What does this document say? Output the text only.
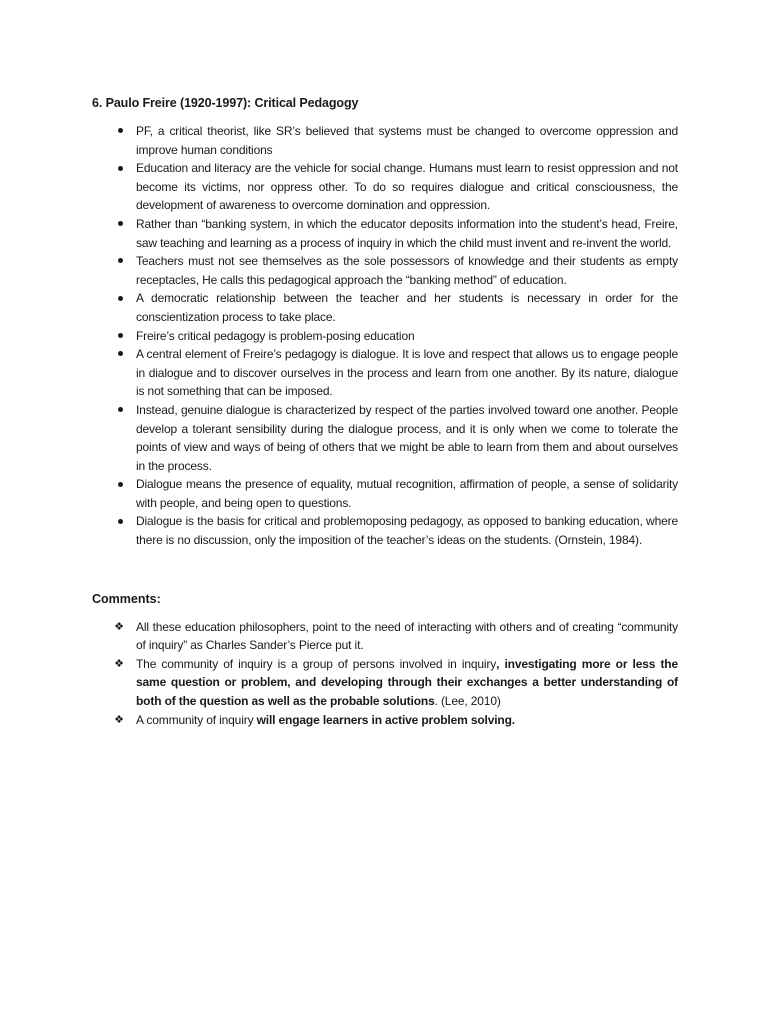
6. Paulo Freire (1920-1997): Critical Pedagogy
PF, a critical theorist, like SR’s believed that systems must be changed to overcome oppression and improve human conditions
Education and literacy are the vehicle for social change. Humans must learn to resist oppression and not become its victims, nor oppress other. To do so requires dialogue and critical consciousness, the development of awareness to overcome domination and oppression.
Rather than “banking system, in which the educator deposits information into the student’s head, Freire, saw teaching and learning as a process of inquiry in which the child must invent and re-invent the world.
Teachers must not see themselves as the sole possessors of knowledge and their students as empty receptacles, He calls this pedagogical approach the “banking method” of education.
A democratic relationship between the teacher and her students is necessary in order for the conscientization process to take place.
Freire’s critical pedagogy is problem-posing education
A central element of Freire’s pedagogy is dialogue. It is love and respect that allows us to engage people in dialogue and to discover ourselves in the process and learn from one another. By its nature, dialogue is not something that can be imposed.
Instead, genuine dialogue is characterized by respect of the parties involved toward one another. People develop a tolerant sensibility during the dialogue process, and it is only when we come to tolerate the points of view and ways of being of others that we might be able to learn from them and about ourselves in the process.
Dialogue means the presence of equality, mutual recognition, affirmation of people, a sense of solidarity with people, and being open to questions.
Dialogue is the basis for critical and problemoposing pedagogy, as opposed to banking education, where there is no discussion, only the imposition of the teacher’s ideas on the students. (Ornstein, 1984).
Comments:
❖	All these education philosophers, point to the need of interacting with others and of creating “community of inquiry” as Charles Sander’s Pierce put it.
❖	The community of inquiry is a group of persons involved in inquiry, investigating more or less the same question or problem, and developing through their exchanges a better understanding of both of the question as well as the probable solutions. (Lee, 2010)
❖	A community of inquiry will engage learners in active problem solving.
